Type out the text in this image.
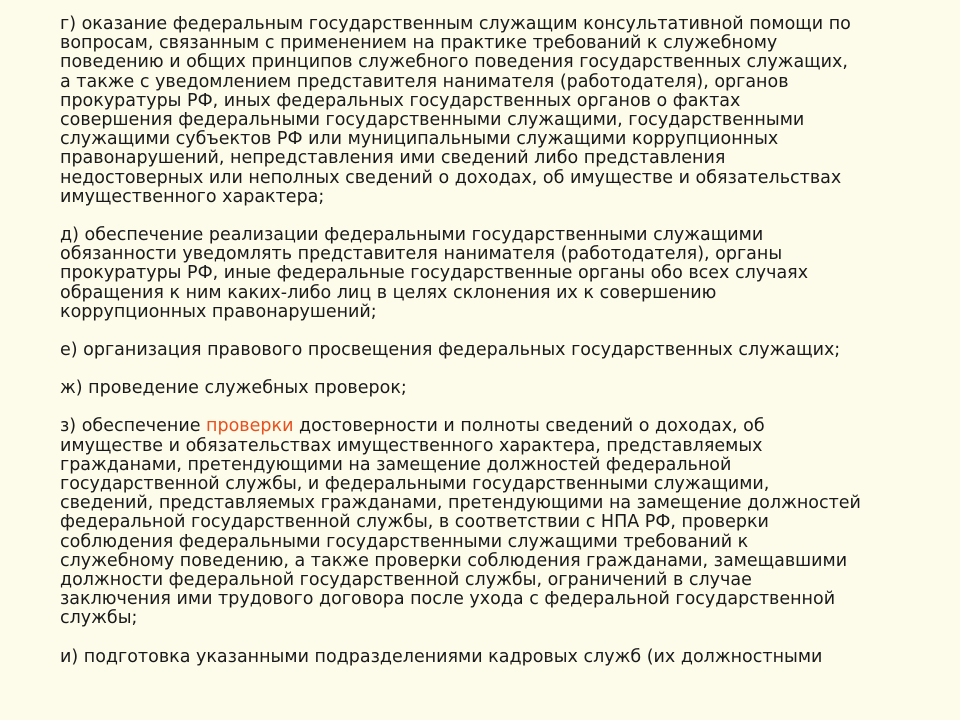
г) оказание федеральным государственным служащим консультативной помощи по
вопросам, связанным с применением на практике требований к служебному
поведению и общих принципов служебного поведения государственных служащих,
а также с уведомлением представителя нанимателя (работодателя), органов
прокуратуры РФ, иных федеральных государственных органов о фактах
совершения федеральными государственными служащими, государственными
служащими субъектов РФ или муниципальными служащими коррупционных
правонарушений, непредставления ими сведений либо представления
недостоверных или неполных сведений о доходах, об имуществе и обязательствах
имущественного характера;

д) обеспечение реализации федеральными государственными служащими
обязанности уведомлять представителя нанимателя (работодателя), органы
прокуратуры РФ, иные федеральные государственные органы обо всех случаях
обращения к ним каких-либо лиц в целях склонения их к совершению
коррупционных правонарушений;

е) организация правового просвещения федеральных государственных служащих;

ж) проведение служебных проверок;

з) обеспечение проверки достоверности и полноты сведений о доходах, об
имуществе и обязательствах имущественного характера, представляемых
гражданами, претендующими на замещение должностей федеральной
государственной службы, и федеральными государственными служащими,
сведений, представляемых гражданами, претендующими на замещение должностей
федеральной государственной службы, в соответствии с НПА РФ, проверки
соблюдения федеральными государственными служащими требований к
служебному поведению, а также проверки соблюдения гражданами, замещавшими
должности федеральной государственной службы, ограничений в случае
заключения ими трудового договора после ухода с федеральной государственной
службы;

и) подготовка указанными подразделениями кадровых служб (их должностными
